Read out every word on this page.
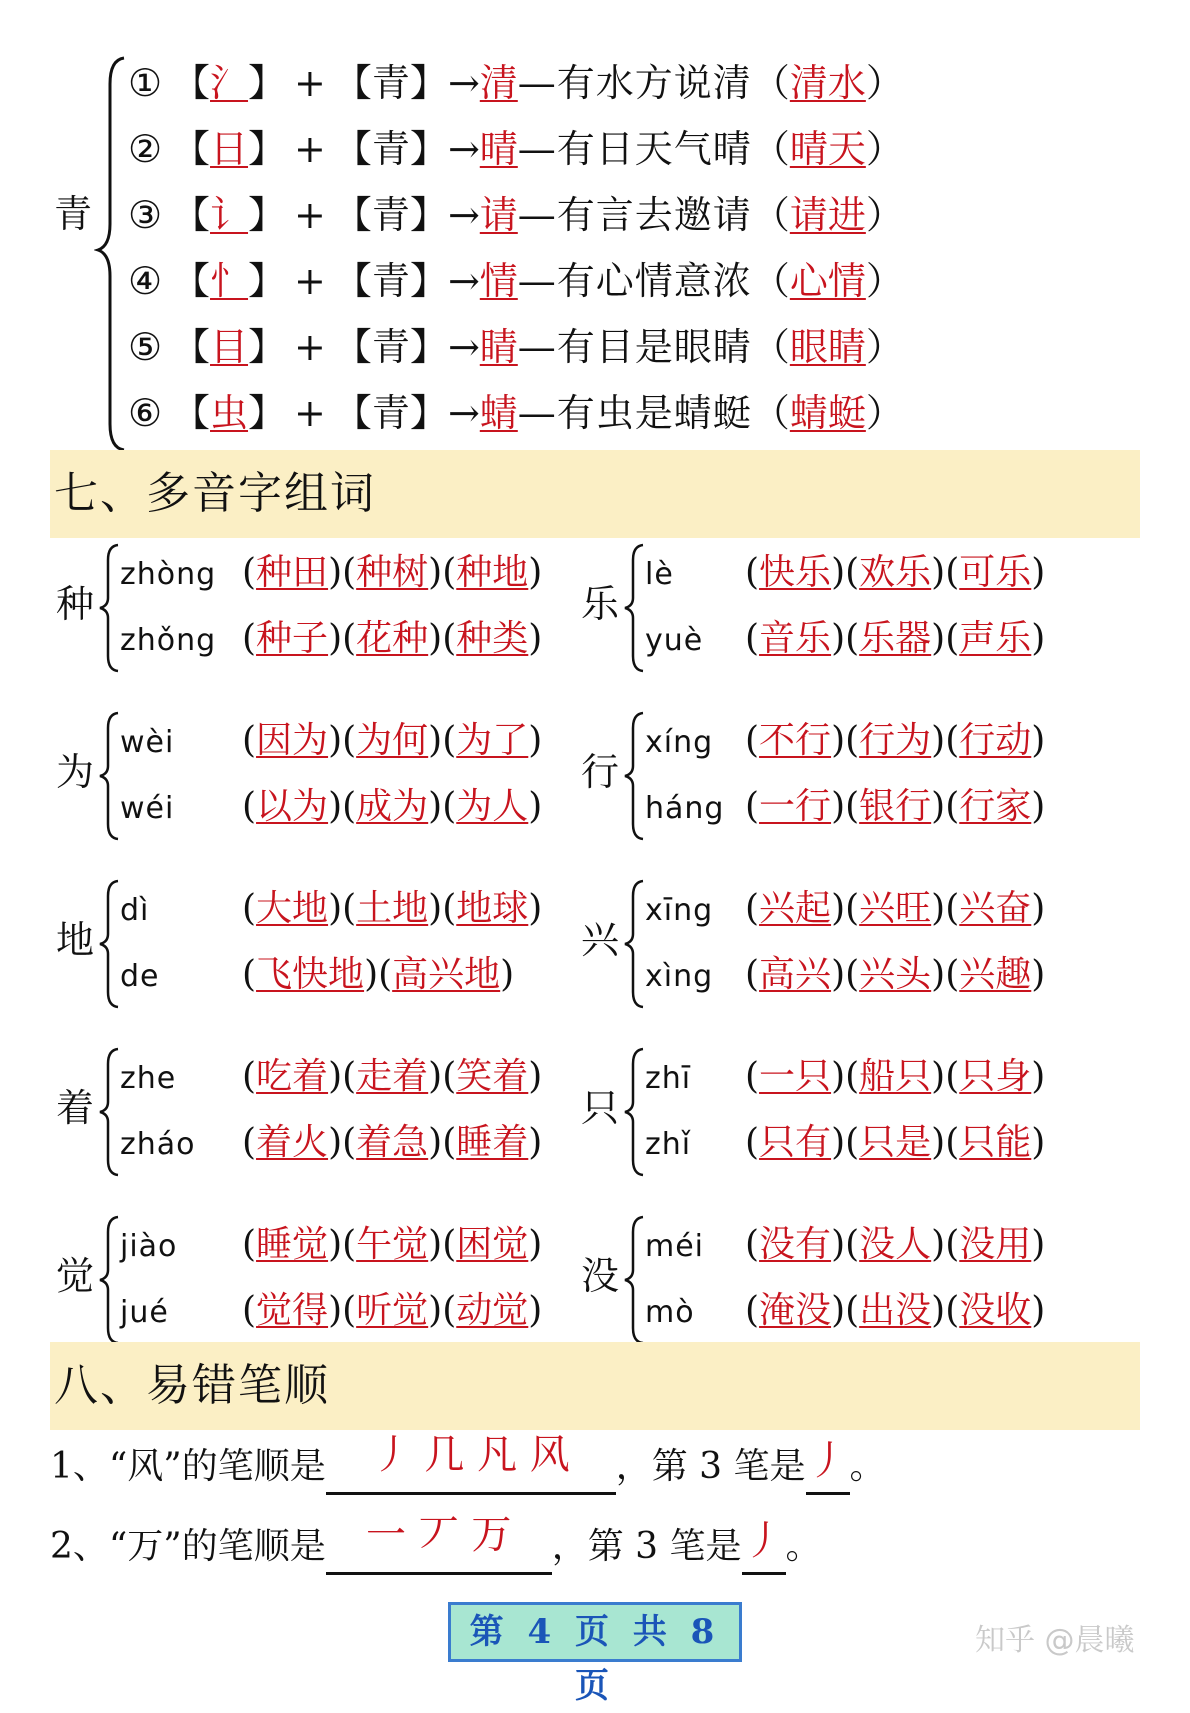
青
① 【氵】 + 【青】→清—有水方说清（清水）
② 【日】 + 【青】→晴—有日天气晴（晴天）
③ 【讠】 + 【青】→请—有言去邀请（请进）
④ 【忄】 + 【青】→情—有心情意浓（心情）
⑤ 【目】 + 【青】→睛—有目是眼睛（眼睛）
⑥ 【虫】 + 【青】→蜻—有虫是蜻蜓（蜻蜓）
七、多音字组词
种
zhòng (种田)(种树)(种地)
zhǒng (种子)(花种)(种类)
乐
lè (快乐)(欢乐)(可乐)
yuè (音乐)(乐器)(声乐)
为
wèi (因为)(为何)(为了)
wéi (以为)(成为)(为人)
行
xíng (不行)(行为)(行动)
háng (一行)(银行)(行家)
地
dì	(大地)(土地)(地球)
de (飞快地)(高兴地)
兴
xīng (兴起)(兴旺)(兴奋)
xìng (高兴)(兴头)(兴趣)
着
zhe (吃着)(走着)(笑着)
zháo (着火)(着急)(睡着)
只
zhī (一只)(船只)(只身)
zhǐ (只有)(只是)(只能)
觉
jiào (睡觉)(午觉)(困觉)
jué (觉得)(听觉)(动觉)
没
méi (没有)(没人)(没用)
mò (淹没)(出没)(没收)
八、易错笔顺
1、“风”的笔顺是	丿 几 凡 风	，第 3 笔是 丿 。
2、“万”的笔顺是	一 丆 万	，第 3 笔是 丿 。
第 4 页 共 8 页
知乎 @晨曦
